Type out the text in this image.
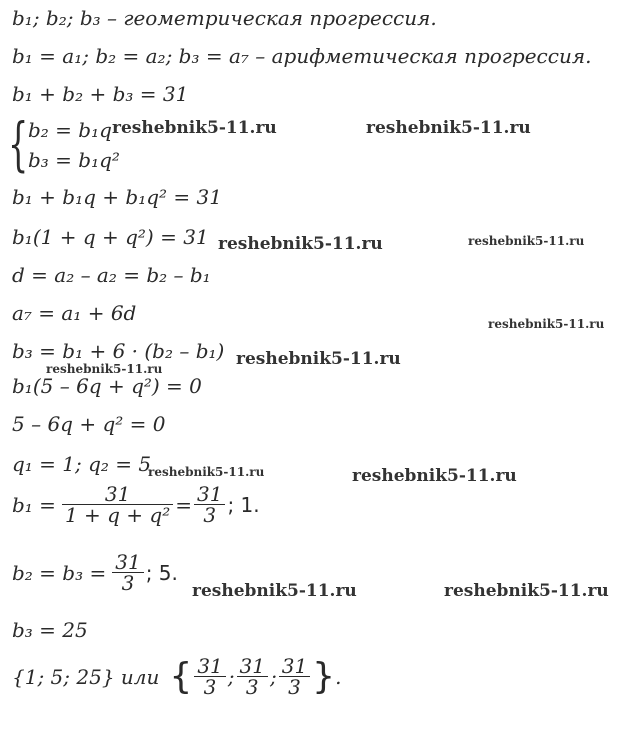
{
b₁; b₂; b₃ – геометрическая прогрессия.
b₁ = a₁; b₂ = a₂; b₃ = a₇ – арифметическая прогрессия.
b₁ + b₂ + b₃ = 31
b₂ = b₁q
b₃ = b₁q²
b₁ + b₁q + b₁q² = 31
b₁(1 + q + q²) = 31
d = a₂ – a₂ = b₂ – b₁
a₇ = a₁ + 6d
b₃ = b₁ + 6 · (b₂ – b₁)
b₁(5 – 6q + q²) = 0
5 – 6q + q² = 0
q₁ = 1; q₂ = 5
$b_1 = \frac{31}{\text{1 + q + q²}} = \frac{31}{3}$ ; 1.
$b_2 = b_3 = \frac{31}{3}$ ; 5.
b₃ = 25
{1; 5; 25} или { $\frac{31}{3}$ ; $\frac{31}{3}$ ; $\frac{31}{3}$ } .
reshebnik5-11.ru	reshebnik5-11.ru
reshebnik5-11.ru	reshebnik5-11.ru
reshebnik5-11.ru
reshebnik5-11.ru
reshebnik5-11.ru
reshebnik5-11.ru	reshebnik5-11.ru
reshebnik5-11.ru	reshebnik5-11.ru
